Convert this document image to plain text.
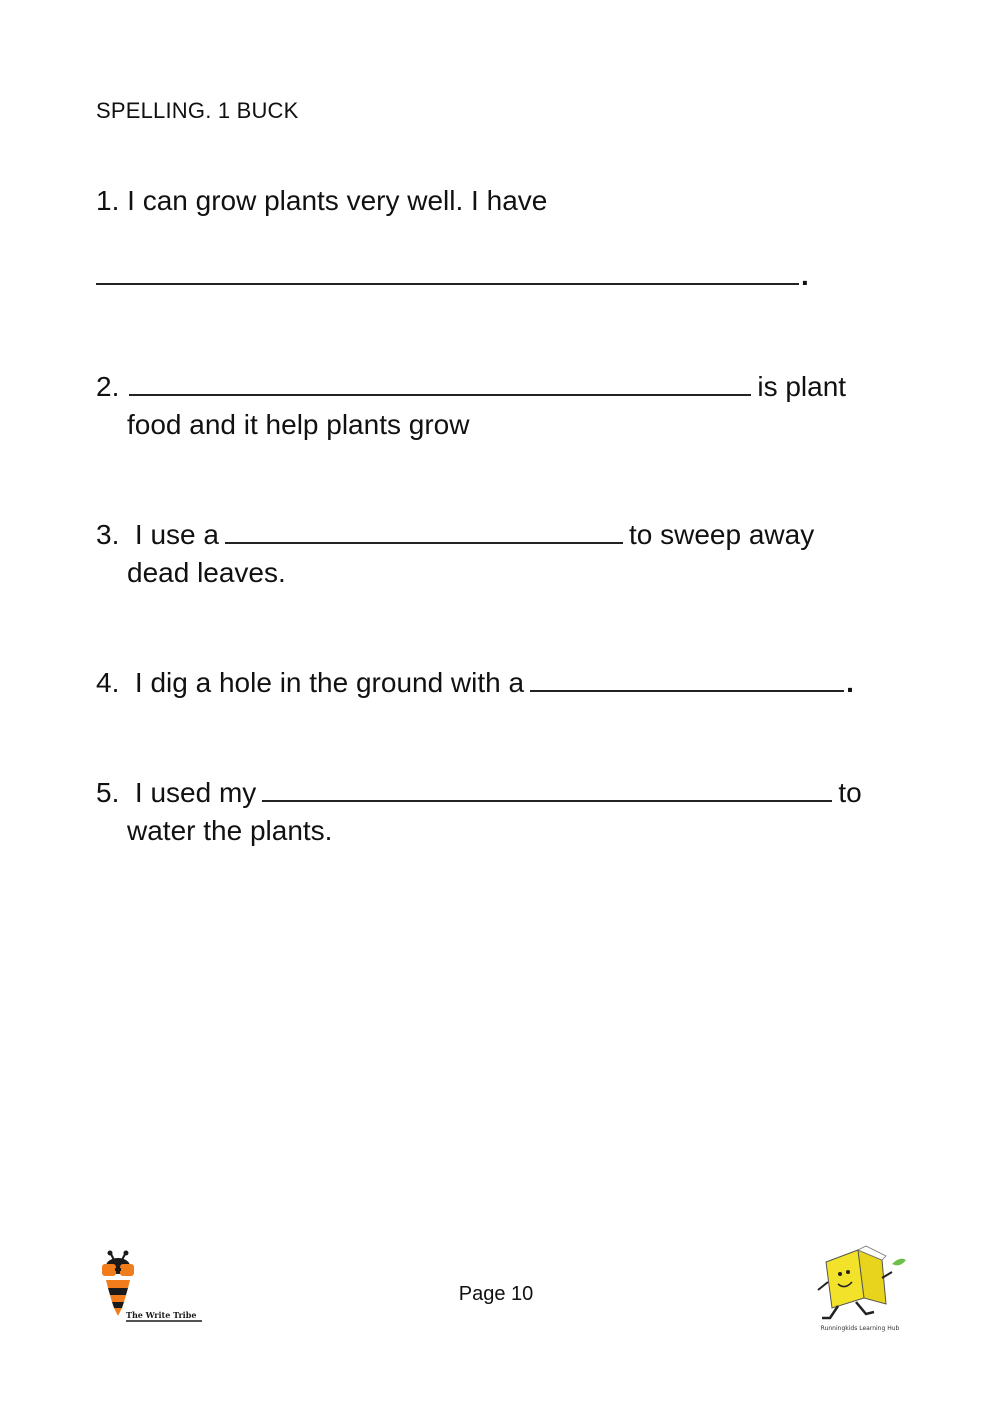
SPELLING. 1 BUCK
1. I can grow plants very well. I have
.
2.	is plant
food and it help plants grow
3. I use a	to sweep away
dead leaves.
4. I dig a hole in the ground with a	.
5. I used my	to
water the plants.
The Write Tribe
Page 10
Runningkids Learning Hub
